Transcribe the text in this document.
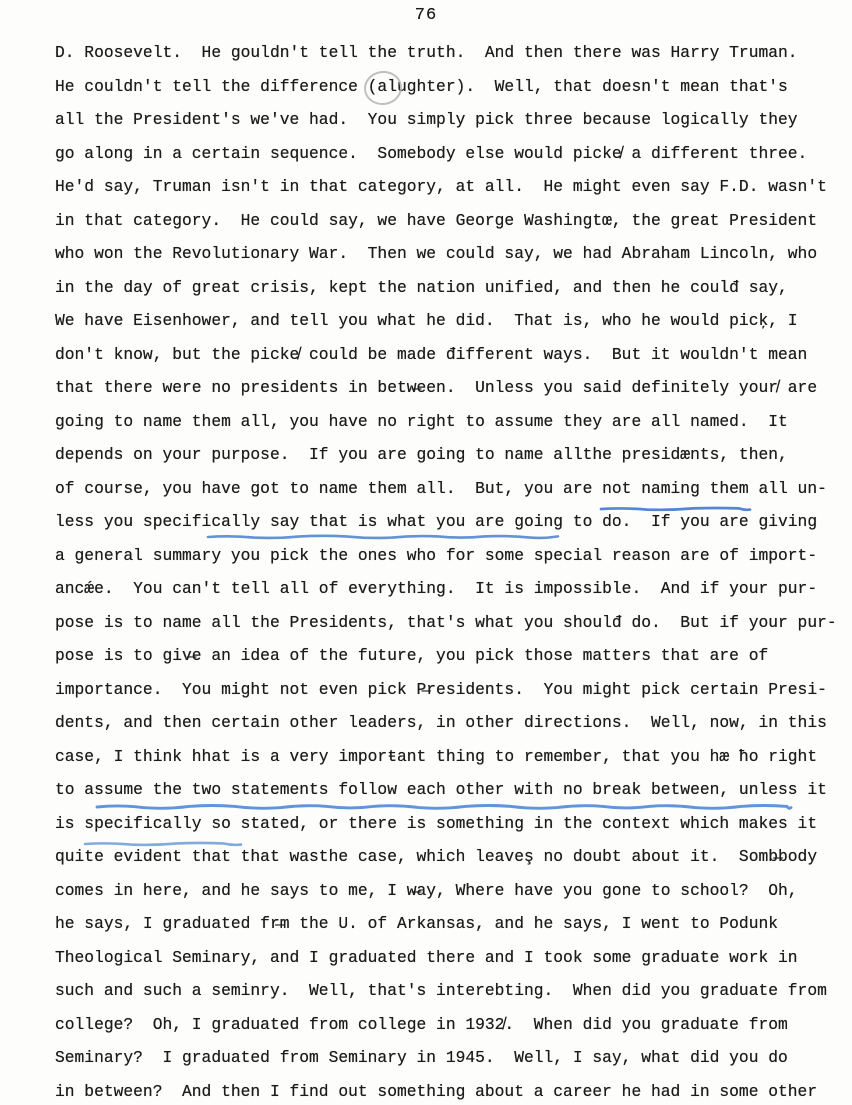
76
D. Roosevelt.  He gouldn't tell the truth.  And then there was Harry Truman.
He couldn't tell the difference (alughter).  Well, that doesn't mean that's
all the President's we've had.  You simply pick three because logically they
go along in a certain sequence.  Somebody else would picke̸ a different three.
He'd say, Truman isn't in that category, at all.  He might even say F.D. wasn't
in that category.  He could say, we have George Washingtœ, the great President
who won the Revolutionary War.  Then we could say, we had Abraham Lincoln, who
in the day of great crisis, kept the nation unified, and then he coulđ say,
We have Eisenhower, and tell you what he did.  That is, who he would picķ, I
don't know, but the picke̸ could be made đifferent ways.  But it wouldn't mean
that there were no presidents in betw̶een.  Unless you said definitely your̸ are
going to name them all, you have no right to assume they are all named.  It
depends on your purpose.  If you are going to name allthe presidænts, then,
of course, you have got to name them all.  But, you are not naming them all un-
less you specifically say that is what you are going to do.  If you are giving
a general summary you pick the ones who for some special reason are of import-
ancǽe.  You can't tell all of everything.  It is impossible.  And if your pur-
pose is to name all the Presidents, that's what you shoulđ do.  But if your pur-
pose is to giv̶e an idea of the future, you pick those matters that are of
importance.  You might not even pick P̶residents.  You might pick certain Presi-
dents, and then certain other leaders, in other directions.  Well, now, in this
case, I think hhat is a very imporŧant thing to remember, that you hæ ħo right
to assume the two statements follow each other with no break between, unless it
is specifically so stated, or there is something in the context which makes it
quite evident that that wasthe case, which leaveş no doubt about it.  Somb̶body
comes in here, and he says to me, I w̶ay, Where have you gone to school?  Oh,
he says, I graduated fr̶m the U. of Arkansas, and he says, I went to Podunk
Theological Seminary, and I graduated there and I took some graduate work in
such and such a seminry.  Well, that's interebting.  When did you graduate from
college?  Oh, I graduated from college in 1932̸.  When did you graduate from
Seminary?  I graduated from Seminary in 1945.  Well, I say, what did you do
in between?  And then I find out something about a career he had in some other
